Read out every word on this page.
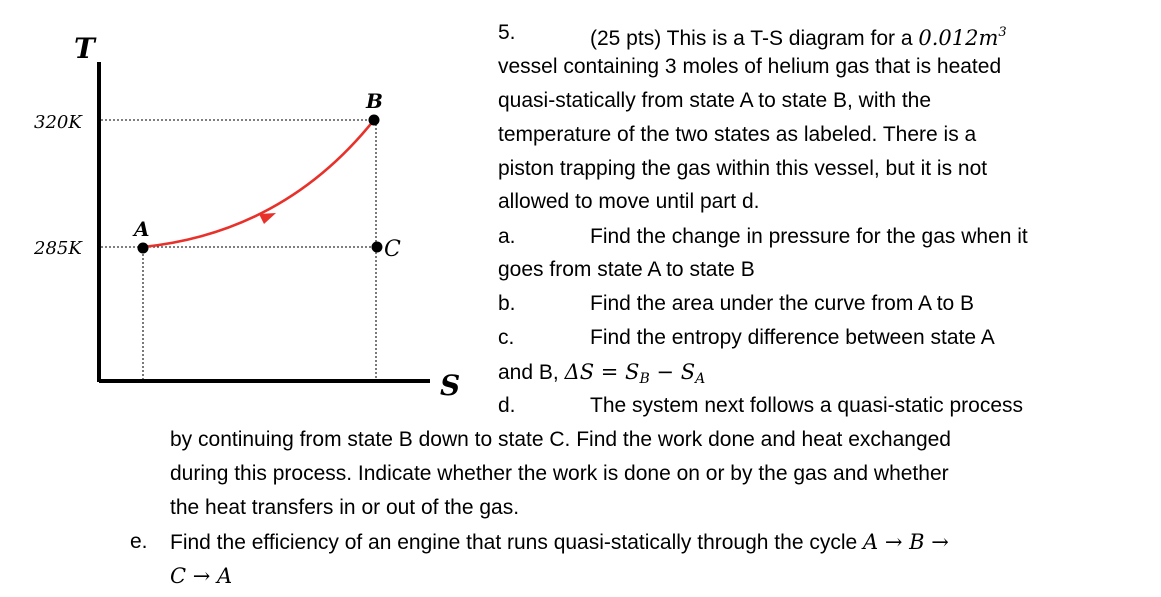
T
S
320K
285K
A
B
C
5.	(25 pts) This is a T-S diagram for a $0.012m^3$
vessel containing 3 moles of helium gas that is heated
quasi-statically from state A to state B, with the
temperature of the two states as labeled. There is a
piston trapping the gas within this vessel, but it is not
allowed to move until part d.
a.	Find the change in pressure for the gas when it
goes from state A to state B
b.	Find the area under the curve from A to B
c.	Find the entropy difference between state A
and B, $\Delta S = S_B - S_A$
d.	The system next follows a quasi-static process
by continuing from state B down to state C. Find the work done and heat exchanged
during this process. Indicate whether the work is done on or by the gas and whether
the heat transfers in or out of the gas.
e. Find the efficiency of an engine that runs quasi-statically through the cycle A → B →
C → A
